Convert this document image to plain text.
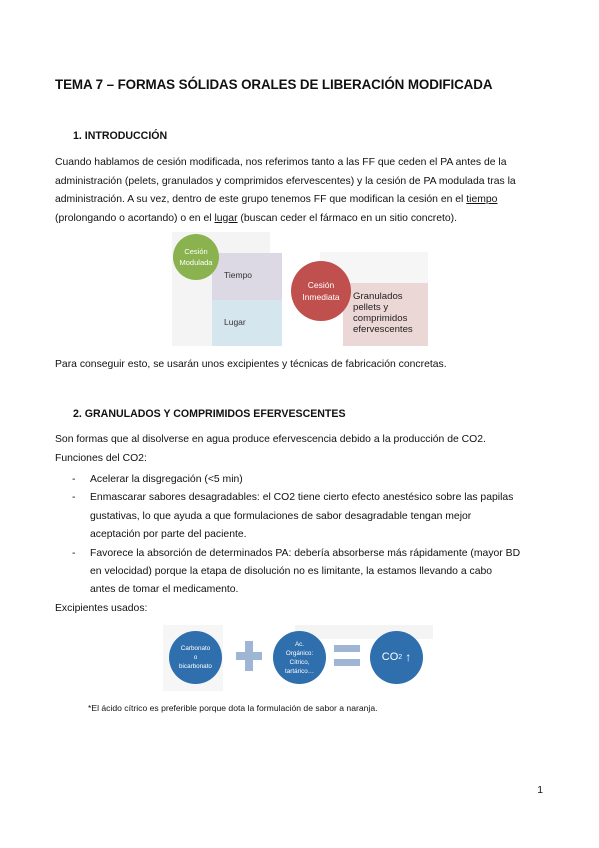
TEMA 7 – FORMAS SÓLIDAS ORALES DE LIBERACIÓN MODIFICADA
1. INTRODUCCIÓN
Cuando hablamos de cesión modificada, nos referimos tanto a las FF que ceden el PA antes de la
administración (pelets, granulados y comprimidos efervescentes) y la cesión de PA modulada tras la
administración. A su vez, dentro de este grupo tenemos FF que modifican la cesión en el tiempo
(prolongando o acortando) o en el lugar (buscan ceder el fármaco en un sitio concreto).
Tiempo
Lugar
Cesión
Modulada
Granulados
pellets y
comprimidos
efervescentes
Cesión
Inmediata
Para conseguir esto, se usarán unos excipientes y técnicas de fabricación concretas.
2. GRANULADOS Y COMPRIMIDOS EFERVESCENTES
Son formas que al disolverse en agua produce efervescencia debido a la producción de CO2.
Funciones del CO2:
- Acelerar la disgregación (<5 min)
- Enmascarar sabores desagradables: el CO2 tiene cierto efecto anestésico sobre las papilas
gustativas, lo que ayuda a que formulaciones de sabor desagradable tengan mejor
aceptación por parte del paciente.
- Favorece la absorción de determinados PA: debería absorberse más rápidamente (mayor BD
en velocidad) porque la etapa de disolución no es limitante, la estamos llevando a cabo
antes de tomar el medicamento.
Excipientes usados:
Carbonato
o
bicarbonato
Ac.
Orgánico:
Cítrico,
tartárico…
CO 2 ↑
*El ácido cítrico es preferible porque dota la formulación de sabor a naranja.
1
